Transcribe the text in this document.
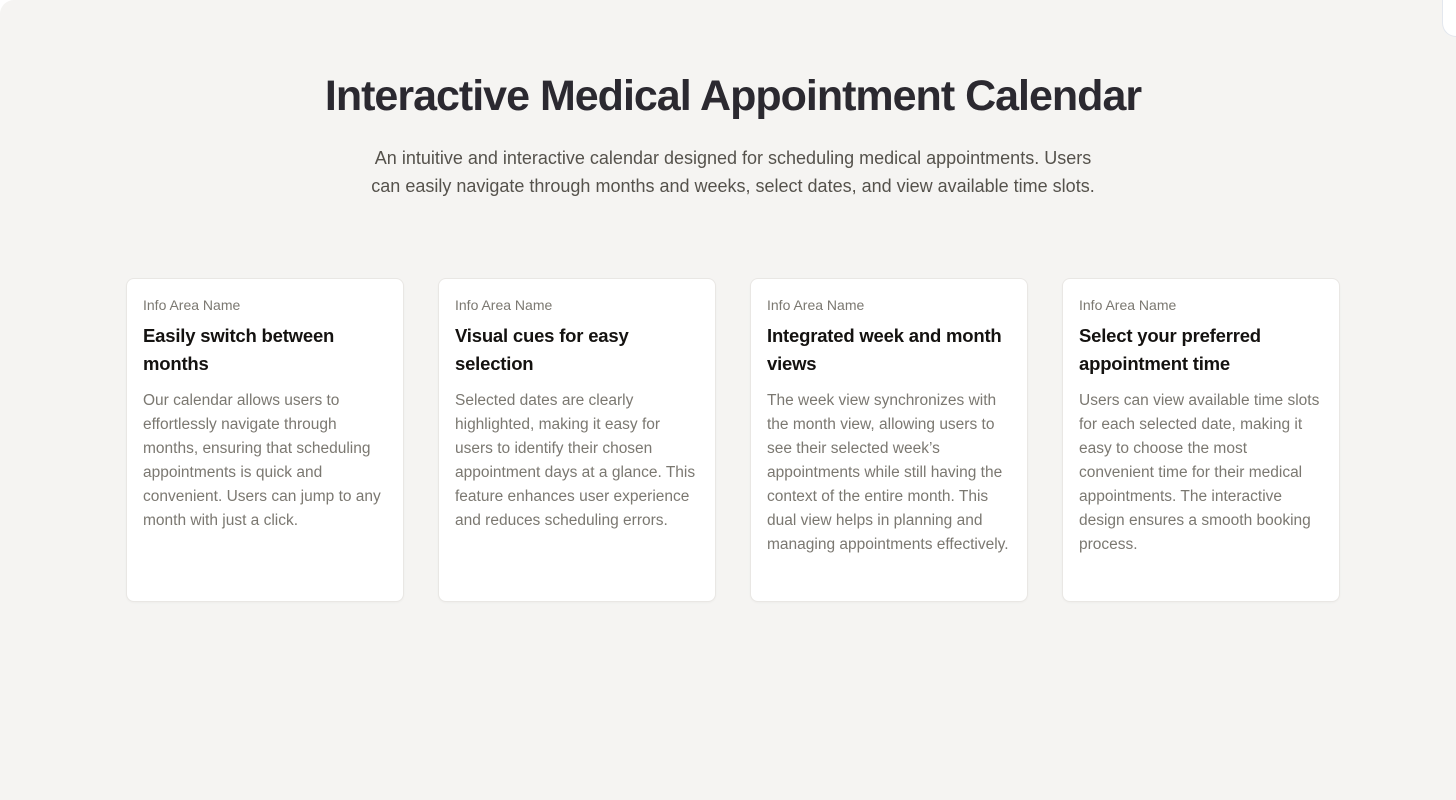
Interactive Medical Appointment Calendar

An intuitive and interactive calendar designed for scheduling medical appointments. Users can easily navigate through months and weeks, select dates, and view available time slots.

Info Area Name
Easily switch between months

Our calendar allows users to effortlessly navigate through months, ensuring that scheduling appointments is quick and convenient. Users can jump to any month with just a click.

Info Area Name
Visual cues for easy selection

Selected dates are clearly highlighted, making it easy for users to identify their chosen appointment days at a glance. This feature enhances user experience and reduces scheduling errors.

Info Area Name
Integrated week and month views

The week view synchronizes with the month view, allowing users to see their selected week’s appointments while still having the context of the entire month. This dual view helps in planning and managing appointments effectively.

Info Area Name
Select your preferred appointment time

Users can view available time slots for each selected date, making it easy to choose the most convenient time for their medical appointments. The interactive design ensures a smooth booking process.
